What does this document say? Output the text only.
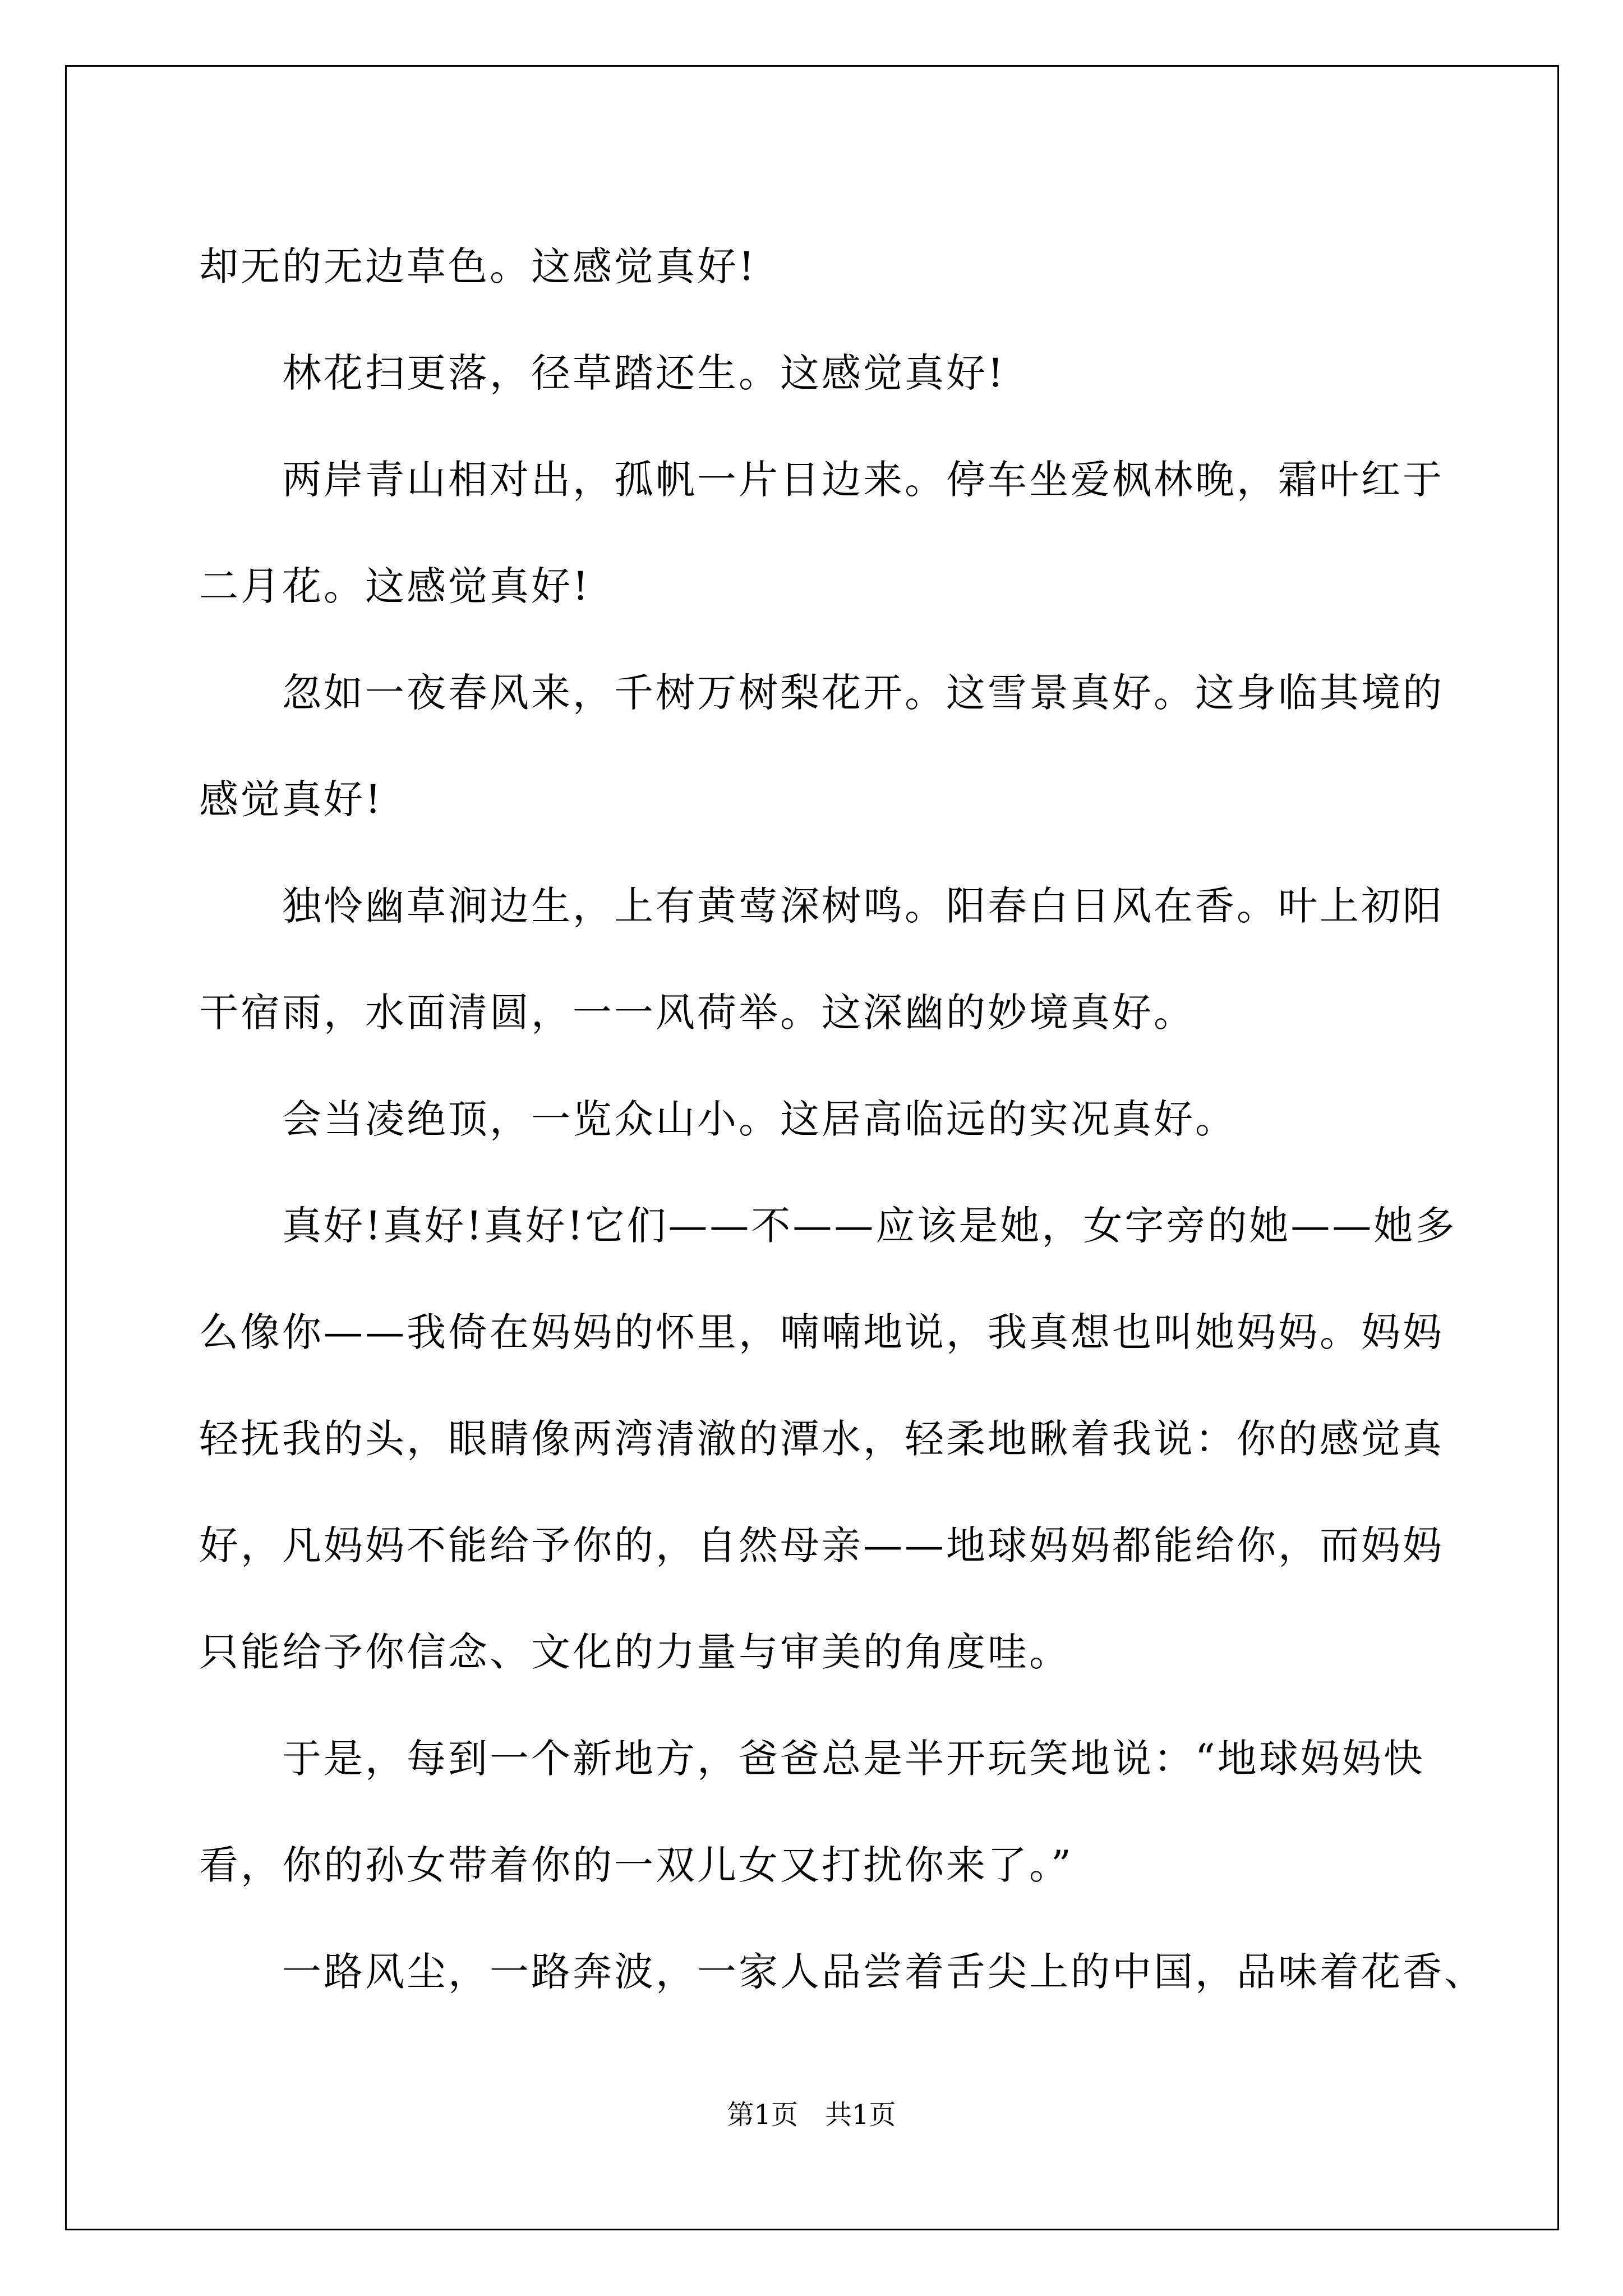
却无的无边草色。这感觉真好!

林花扫更落，径草踏还生。这感觉真好!

两岸青山相对出，孤帆一片日边来。停车坐爱枫林晚，霜叶红于

二月花。这感觉真好!

忽如一夜春风来，千树万树梨花开。这雪景真好。这身临其境的

感觉真好!

独怜幽草涧边生，上有黄莺深树鸣。阳春白日风在香。叶上初阳

干宿雨，水面清圆，一一风荷举。这深幽的妙境真好。

会当凌绝顶，一览众山小。这居高临远的实况真好。

真好!真好!真好!它们——不——应该是她，女字旁的她——她多

么像你——我倚在妈妈的怀里，喃喃地说，我真想也叫她妈妈。妈妈

轻抚我的头，眼睛像两湾清澈的潭水，轻柔地瞅着我说：你的感觉真

好，凡妈妈不能给予你的，自然母亲——地球妈妈都能给你，而妈妈

只能给予你信念、文化的力量与审美的角度哇。

于是，每到一个新地方，爸爸总是半开玩笑地说：“地球妈妈快

看，你的孙女带着你的一双儿女又打扰你来了。”

一路风尘，一路奔波，一家人品尝着舌尖上的中国，品味着花香、

第1页 共1页
